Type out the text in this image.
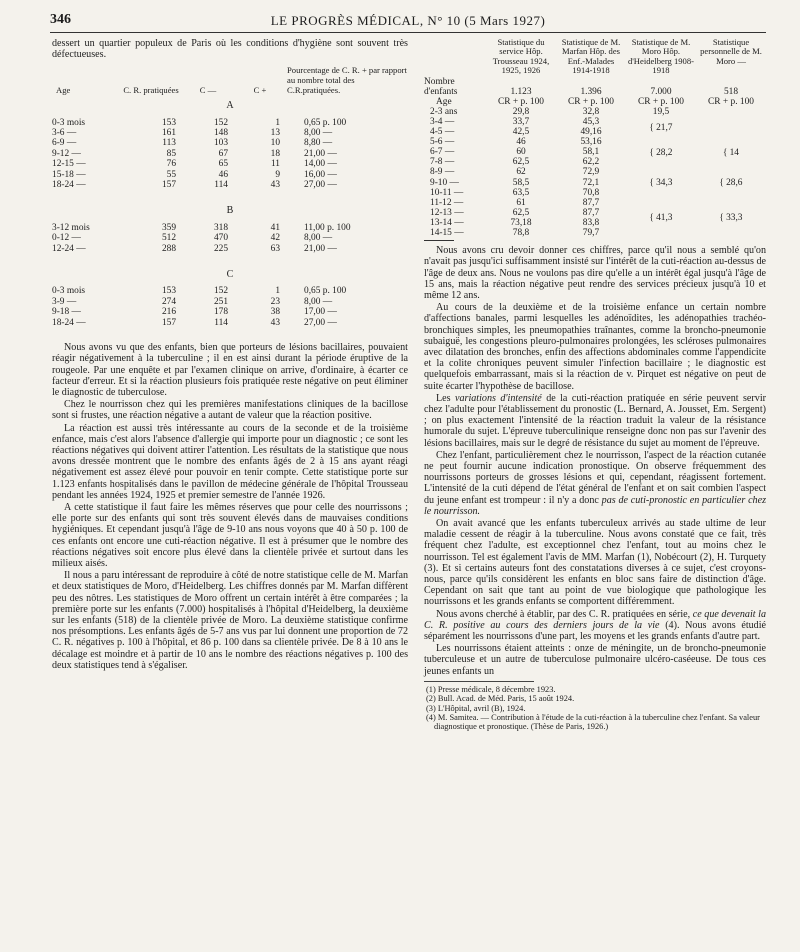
346	LE PROGRÈS MÉDICAL, N° 10 (5 Mars 1927)

dessert un quartier populeux de Paris où les conditions d'hygiène sont souvent très défectueuses.

Age	C. R. pratiquées	C —	C +	Pourcentage de C. R. + par rapport au nombre total des C.R.pratiquées.
A				
0-3 mois	153	152	1	0,65 p. 100
3-6 —	161	148	13	8,00 —
6-9 —	113	103	10	8,80 —
9-12 —	85	67	18	21,00 —
12-15 —	76	65	11	14,00 —
15-18 —	55	46	9	16,00 —
18-24 —	157	114	43	27,00 —

B				
3-12 mois	359	318	41	11,00 p. 100
0-12 —	512	470	42	8,00 —
12-24 —	288	225	63	21,00 —

C				
0-3 mois	153	152	1	0,65 p. 100
3-9 —	274	251	23	8,00 —
9-18 —	216	178	38	17,00 —
18-24 —	157	114	43	27,00 —

Nous avons vu que des enfants, bien que porteurs de lésions bacillaires, pouvaient réagir négativement à la tuberculine ; il en est ainsi durant la période éruptive de la rougeole. Par une enquête et par l'examen clinique on arrive, d'ordinaire, à écarter ce facteur d'erreur. Et si la réaction plusieurs fois pratiquée reste négative on peut éliminer le diagnostic de tuberculose.

Chez le nourrisson chez qui les premières manifestations cliniques de la bacillose sont si frustes, une réaction négative a autant de valeur que la réaction positive.

La réaction est aussi très intéressante au cours de la seconde et de la troisième enfance, mais c'est alors l'absence d'allergie qui importe pour un diagnostic ; ce sont les réactions négatives qui doivent attirer l'attention. Les résultats de la statistique que nous avons dressée montrent que le nombre des enfants âgés de 2 à 15 ans ayant réagi négativement est assez élevé pour pouvoir en tenir compte. Cette statistique porte sur 1.123 enfants hospitalisés dans le pavillon de médecine générale de l'hôpital Trousseau pendant les années 1924, 1925 et premier semestre de l'année 1926.

A cette statistique il faut faire les mêmes réserves que pour celle des nourrissons ; elle porte sur des enfants qui sont très souvent élevés dans de mauvaises conditions hygiéniques. Et cependant jusqu'à l'âge de 9-10 ans nous voyons que 40 à 50 p. 100 de ces enfants ont encore une cuti-réaction négative. Il est à présumer que le nombre des réactions négatives soit encore plus élevé dans la clientèle privée et surtout dans les milieux aisés.

Il nous a paru intéressant de reproduire à côté de notre statistique celle de M. Marfan et deux statistiques de Moro, d'Heidelberg. Les chiffres donnés par M. Marfan diffèrent peu des nôtres. Les statistiques de Moro offrent un certain intérêt à être comparées ; la première porte sur les enfants (7.000) hospitalisés à l'hôpital d'Heidelberg, la deuxième sur les enfants (518) de la clientèle privée de Moro. La deuxième statistique confirme nos présomptions. Les enfants âgés de 5-7 ans vus par lui donnent une proportion de 72 C. R. négatives p. 100 à l'hôpital, et 86 p. 100 dans sa clientèle privée. De 8 à 10 ans le décalage est moindre et à partir de 10 ans le nombre des réactions négatives p. 100 des deux statistiques tend à s'égaliser.

	Statistique du service Hôp. Trousseau 1924, 1925, 1926	Statistique de M. Marfan Hôp. des Enf.-Malades 1914-1918	Statistique de M. Moro Hôp. d'Heidelberg 1908-1918	Statistique personnelle de M. Moro —
Nombre				
d'enfants	1.123	1.396	7.000	518
Age	CR + p. 100	CR + p. 100	CR + p. 100	CR + p. 100
2-3 ans	29,8	32,8	19,5	
3-4 —	33,7	45,3	{ 21,7	
4-5 —	42,5	49,16		
5-6 —	46	53,16	{ 28,2	{ 14
6-7 —	60	58,1		
7-8 —	62,5	62,2		
8-9 —	62	72,9	{ 34,3	{ 28,6
9-10 —	58,5	72,1		
10-11 —	63,5	70,8		
11-12 —	61	87,7	{ 41,3	{ 33,3
12-13 —	62,5	87,7		
13-14 —	73,18	83,8		
14-15 —	78,8	79,7		

Nous avons cru devoir donner ces chiffres, parce qu'il nous a semblé qu'on n'avait pas jusqu'ici suffisamment insisté sur l'intérêt de la cuti-réaction au-dessus de l'âge de deux ans. Nous ne voulons pas dire qu'elle a un intérêt égal jusqu'à l'âge de 15 ans, mais la réaction négative peut rendre des services précieux jusqu'à 10 et même 12 ans.

Au cours de la deuxième et de la troisième enfance un certain nombre d'affections banales, parmi lesquelles les adénoïdites, les adénopathies trachéo-bronchiques simples, les pneumopathies traînantes, comme la broncho-pneumonie subaiguë, les congestions pleuro-pulmonaires prolongées, les scléroses pulmonaires avec dilatation des bronches, enfin des affections abdominales comme l'appendicite et la colite chroniques peuvent simuler l'infection bacillaire ; le diagnostic est quelquefois embarrassant, mais si la réaction de v. Pirquet est négative on peut de suite écarter l'hypothèse de bacillose.

Les variations d'intensité de la cuti-réaction pratiquée en série peuvent servir chez l'adulte pour l'établissement du pronostic (L. Bernard, A. Jousset, Em. Sergent) ; on plus exactement l'intensité de la réaction traduit la valeur de la résistance humorale du sujet. L'épreuve tuberculinique renseigne donc non pas sur l'avenir des lésions bacillaires, mais sur le degré de résistance du sujet au moment de l'épreuve.

Chez l'enfant, particulièrement chez le nourrisson, l'aspect de la réaction cutanée ne peut fournir aucune indication pronostique. On observe fréquemment des nourrissons porteurs de grosses lésions et qui, cependant, réagissent fortement. L'intensité de la cuti dépend de l'état général de l'enfant et on sait combien l'aspect du jeune enfant est trompeur : il n'y a donc pas de cuti-pronostic en particulier chez le nourrisson.

On avait avancé que les enfants tuberculeux arrivés au stade ultime de leur maladie cessent de réagir à la tuberculine. Nous avons constaté que ce fait, très fréquent chez l'adulte, est exceptionnel chez l'enfant, tout au moins chez le nourrisson. Tel est également l'avis de MM. Marfan (1), Nobécourt (2), H. Turquety (3). Et si certains auteurs font des constatations diverses à ce sujet, c'est croyons-nous, parce qu'ils considèrent les enfants en bloc sans faire de distinction d'âge. Cependant on sait que tant au point de vue biologique que pathologique les nourrissons et les grands enfants se comportent différemment.

Nous avons cherché à établir, par des C. R. pratiquées en série, ce que devenait la C. R. positive au cours des derniers jours de la vie (4). Nous avons étudié séparément les nourrissons d'une part, les moyens et les grands enfants d'autre part.

Les nourrissons étaient atteints : onze de méningite, un de broncho-pneumonie tuberculeuse et un autre de tuberculose pulmonaire ulcéro-caséeuse. De tous ces jeunes enfants un

(1) Presse médicale, 8 décembre 1923.

(2) Bull. Acad. de Méd. Paris, 15 août 1924.

(3) L'Hôpital, avril (B), 1924.

(4) M. Samitea. — Contribution à l'étude de la cuti-réaction à la tuberculine chez l'enfant. Sa valeur diagnostique et pronostique. (Thèse de Paris, 1926.)
